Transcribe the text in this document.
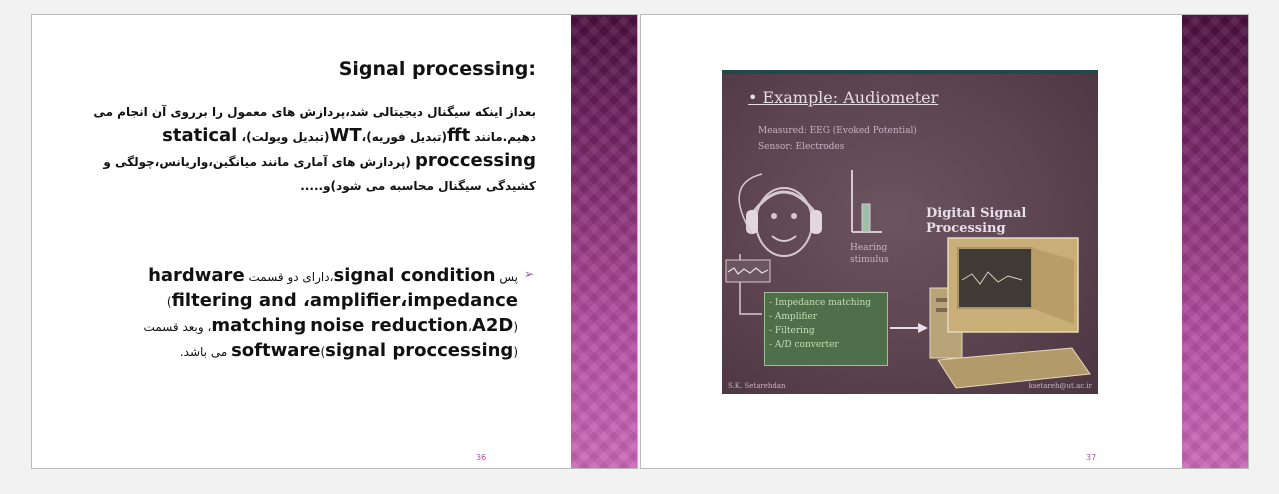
Signal processing:
بعداز اینکه سیگنال دیجیتالی شد،پردازش های معمول را برروی آن انجام می دهیم.مانند fft(تبدیل فوریه)،WT(تبدیل ویولت)، statical proccessing (پردازش های آماری مانند میانگین،واریانس،چولگی و کشیدگی سیگنال محاسبه می شود)و.....
➢
پس signal condition،دارای دو قسمت hardware (filtering and ،amplifier،impedance matching noise reduction،A2D)، وبعد قسمت software(signal proccessing) می باشد.
36
• Example: Audiometer
Measured: EEG (Evoked Potential)
Sensor: Electrodes
Digital Signal Processing
Hearing stimulus
- Impedance matching
- Amplifier
- Filtering
- A/D converter
S.K. Setarehdan	ksetareh@ut.ac.ir
37
